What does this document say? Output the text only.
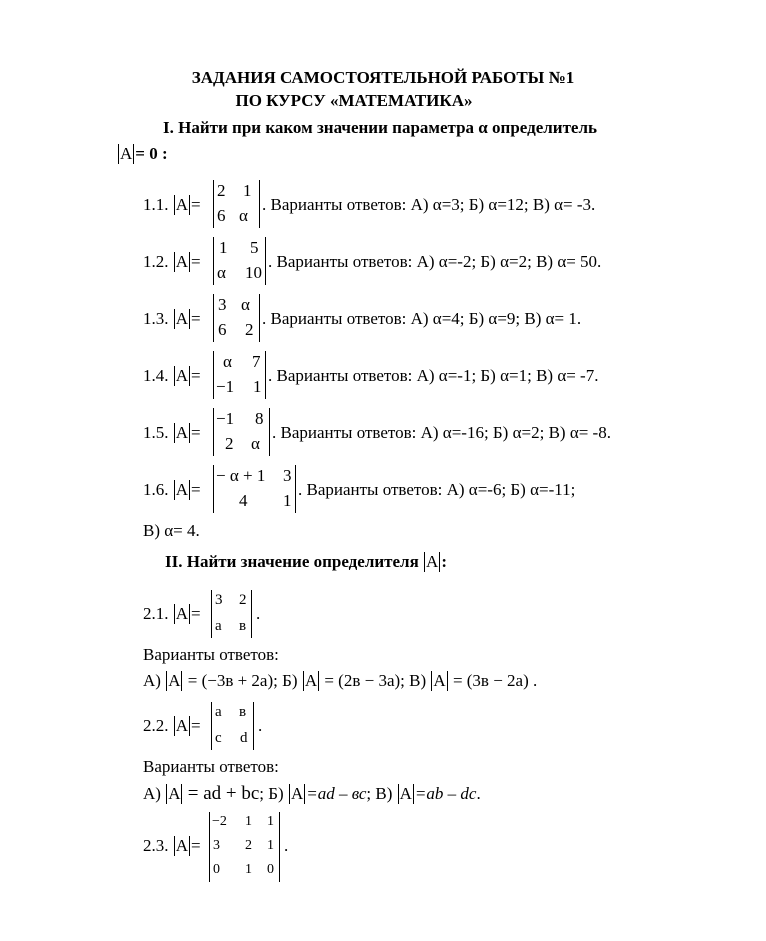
ЗАДАНИЯ САМОСТОЯТЕЛЬНОЙ РАБОТЫ №1
ПО КУРСУ «МАТЕМАТИКА»
I. Найти при каком значении параметра α определитель
A = 0 :
1.1. A =
2 1
6 α
. Варианты ответов: А) α=3; Б) α=12; В) α= -3.
1.2. A =
1 5
α 10
. Варианты ответов: А) α=-2; Б) α=2; В) α= 50.
1.3. A =
3 α
6 2
. Варианты ответов: А) α=4; Б) α=9; В) α= 1.
1.4. A =
α 7
−1 1
. Варианты ответов: А) α=-1; Б) α=1; В) α= -7.
1.5. A =
−1 8
2 α
. Варианты ответов: А) α=-16; Б) α=2; В) α= -8.
1.6. A =
− α + 1 3
4 1
. Варианты ответов: А) α=-6; Б) α=-11;
В) α= 4.
II. Найти значение определителя A :
2.1. A =
3 2
а в
.
Варианты ответов:
А) A = (−3в + 2а); Б) A = (2в − 3а); В) A = (3в − 2а) .
2.2. A =
a в
c d
.
Варианты ответов:
А) A = ad + bc; Б) A =ad – вс; В) A =ab – dc.
2.3. A =
−2 1 1
3 2 1
0 1 0
.
